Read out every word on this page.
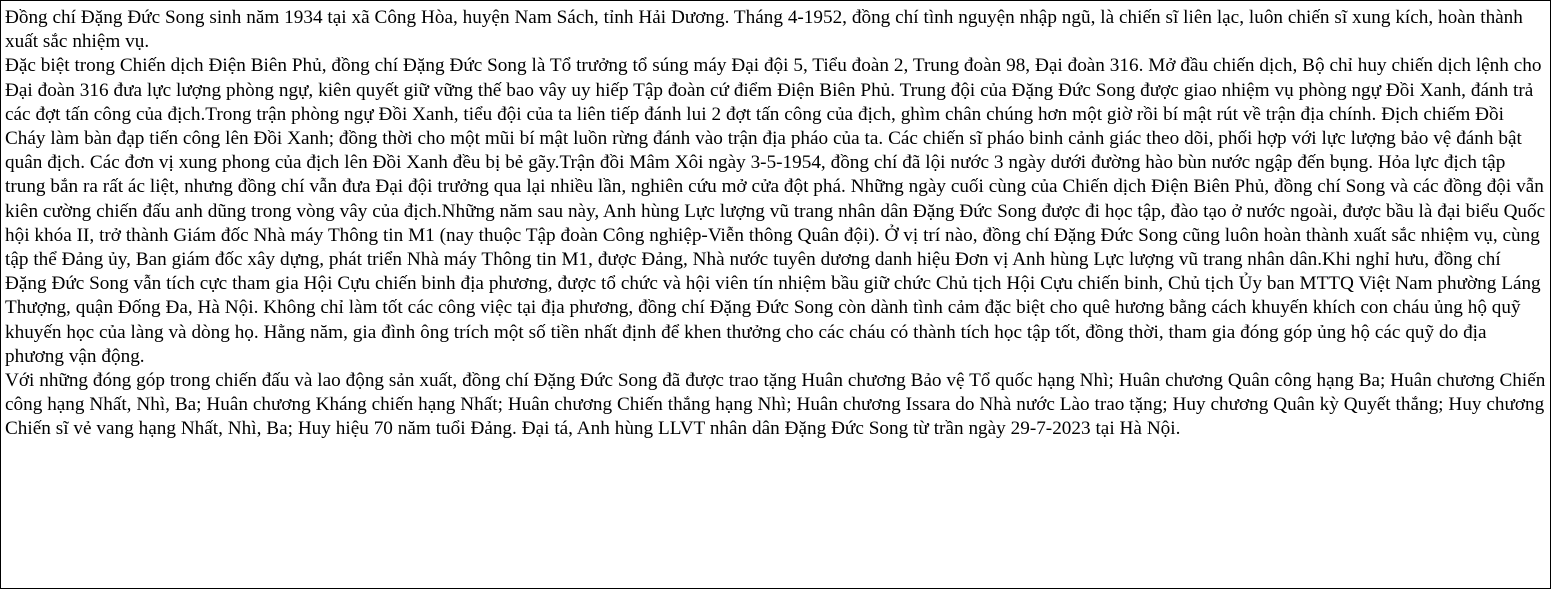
Đồng chí Đặng Đức Song sinh năm 1934 tại xã Công Hòa, huyện Nam Sách, tỉnh Hải Dương. Tháng 4-1952, đồng chí tình nguyện nhập ngũ, là chiến sĩ liên lạc, luôn chiến sĩ xung kích, hoàn thành xuất sắc nhiệm vụ.

Đặc biệt trong Chiến dịch Điện Biên Phủ, đồng chí Đặng Đức Song là Tổ trưởng tổ súng máy Đại đội 5, Tiểu đoàn 2, Trung đoàn 98, Đại đoàn 316. Mở đầu chiến dịch, Bộ chỉ huy chiến dịch lệnh cho Đại đoàn 316 đưa lực lượng phòng ngự, kiên quyết giữ vững thế bao vây uy hiếp Tập đoàn cứ điểm Điện Biên Phủ. Trung đội của Đặng Đức Song được giao nhiệm vụ phòng ngự Đồi Xanh, đánh trả các đợt tấn công của địch.Trong trận phòng ngự Đồi Xanh, tiểu đội của ta liên tiếp đánh lui 2 đợt tấn công của địch, ghìm chân chúng hơn một giờ rồi bí mật rút về trận địa chính. Địch chiếm Đồi Cháy làm bàn đạp tiến công lên Đồi Xanh; đồng thời cho một mũi bí mật luồn rừng đánh vào trận địa pháo của ta. Các chiến sĩ pháo binh cảnh giác theo dõi, phối hợp với lực lượng bảo vệ đánh bật quân địch. Các đơn vị xung phong của địch lên Đồi Xanh đều bị bẻ gãy.Trận đồi Mâm Xôi ngày 3-5-1954, đồng chí đã lội nước 3 ngày dưới đường hào bùn nước ngập đến bụng. Hỏa lực địch tập trung bắn ra rất ác liệt, nhưng đồng chí vẫn đưa Đại đội trưởng qua lại nhiều lần, nghiên cứu mở cửa đột phá. Những ngày cuối cùng của Chiến dịch Điện Biên Phủ, đồng chí Song và các đồng đội vẫn kiên cường chiến đấu anh dũng trong vòng vây của địch.Những năm sau này, Anh hùng Lực lượng vũ trang nhân dân Đặng Đức Song được đi học tập, đào tạo ở nước ngoài, được bầu là đại biểu Quốc hội khóa II, trở thành Giám đốc Nhà máy Thông tin M1 (nay thuộc Tập đoàn Công nghiệp-Viễn thông Quân đội). Ở vị trí nào, đồng chí Đặng Đức Song cũng luôn hoàn thành xuất sắc nhiệm vụ, cùng tập thể Đảng ủy, Ban giám đốc xây dựng, phát triển Nhà máy Thông tin M1, được Đảng, Nhà nước tuyên dương danh hiệu Đơn vị Anh hùng Lực lượng vũ trang nhân dân.Khi nghỉ hưu, đồng chí Đặng Đức Song vẫn tích cực tham gia Hội Cựu chiến binh địa phương, được tổ chức và hội viên tín nhiệm bầu giữ chức Chủ tịch Hội Cựu chiến binh, Chủ tịch Ủy ban MTTQ Việt Nam phường Láng Thượng, quận Đống Đa, Hà Nội. Không chỉ làm tốt các công việc tại địa phương, đồng chí Đặng Đức Song còn dành tình cảm đặc biệt cho quê hương bằng cách khuyến khích con cháu ủng hộ quỹ khuyến học của làng và dòng họ. Hằng năm, gia đình ông trích một số tiền nhất định để khen thưởng cho các cháu có thành tích học tập tốt, đồng thời, tham gia đóng góp ủng hộ các quỹ do địa phương vận động.

Với những đóng góp trong chiến đấu và lao động sản xuất, đồng chí Đặng Đức Song đã được trao tặng Huân chương Bảo vệ Tổ quốc hạng Nhì; Huân chương Quân công hạng Ba; Huân chương Chiến công hạng Nhất, Nhì, Ba; Huân chương Kháng chiến hạng Nhất; Huân chương Chiến thắng hạng Nhì; Huân chương Issara do Nhà nước Lào trao tặng; Huy chương Quân kỳ Quyết thắng; Huy chương Chiến sĩ vẻ vang hạng Nhất, Nhì, Ba; Huy hiệu 70 năm tuổi Đảng. Đại tá, Anh hùng LLVT nhân dân Đặng Đức Song từ trần ngày 29-7-2023 tại Hà Nội.
